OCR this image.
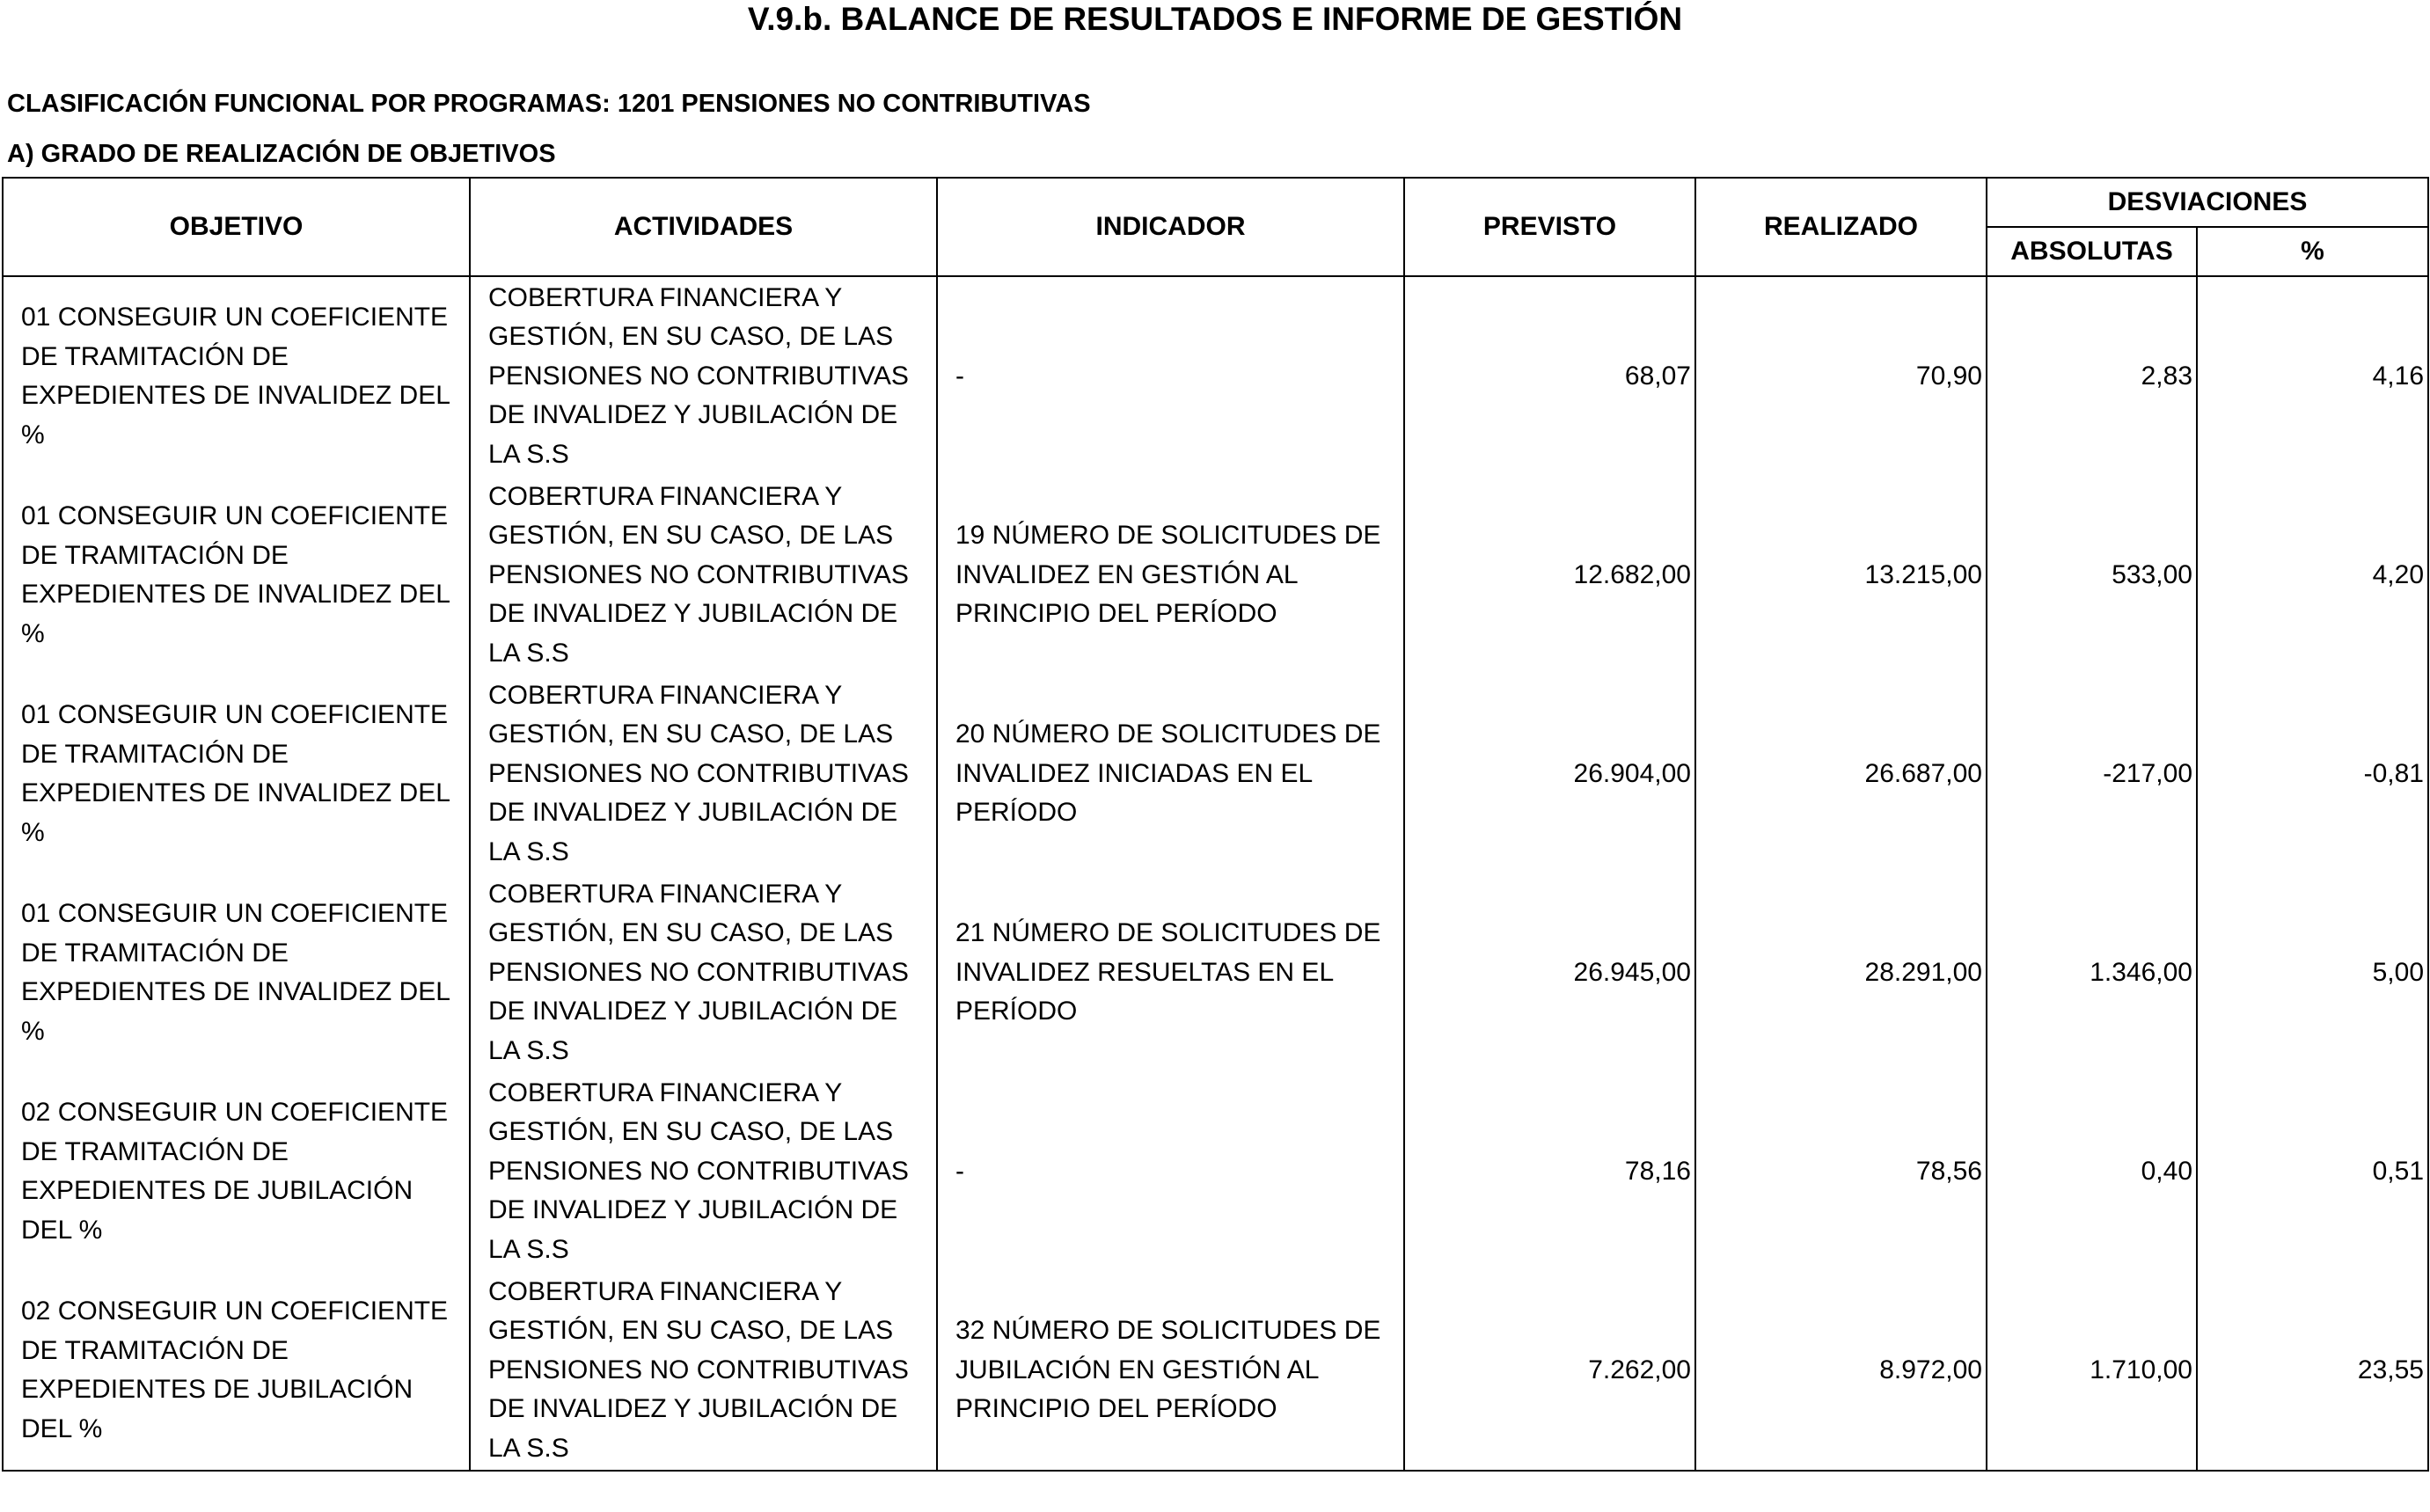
V.9.b. BALANCE DE RESULTADOS E INFORME DE GESTIÓN
CLASIFICACIÓN FUNCIONAL POR PROGRAMAS: 1201 PENSIONES NO CONTRIBUTIVAS
A) GRADO DE REALIZACIÓN DE OBJETIVOS
OBJETIVO	ACTIVIDADES	INDICADOR	PREVISTO	REALIZADO	DESVIACIONES	
					ABSOLUTAS	%
01 CONSEGUIR UN COEFICIENTE DE TRAMITACIÓN DE EXPEDIENTES DE INVALIDEZ DEL %	COBERTURA FINANCIERA Y GESTIÓN, EN SU CASO, DE LAS PENSIONES NO CONTRIBUTIVAS DE INVALIDEZ Y JUBILACIÓN DE LA S.S	-	68,07	70,90	2,83	4,16
01 CONSEGUIR UN COEFICIENTE DE TRAMITACIÓN DE EXPEDIENTES DE INVALIDEZ DEL %	COBERTURA FINANCIERA Y GESTIÓN, EN SU CASO, DE LAS PENSIONES NO CONTRIBUTIVAS DE INVALIDEZ Y JUBILACIÓN DE LA S.S	19 NÚMERO DE SOLICITUDES DE INVALIDEZ EN GESTIÓN AL PRINCIPIO DEL PERÍODO	12.682,00	13.215,00	533,00	4,20
01 CONSEGUIR UN COEFICIENTE DE TRAMITACIÓN DE EXPEDIENTES DE INVALIDEZ DEL %	COBERTURA FINANCIERA Y GESTIÓN, EN SU CASO, DE LAS PENSIONES NO CONTRIBUTIVAS DE INVALIDEZ Y JUBILACIÓN DE LA S.S	20 NÚMERO DE SOLICITUDES DE INVALIDEZ INICIADAS EN EL PERÍODO	26.904,00	26.687,00	-217,00	-0,81
01 CONSEGUIR UN COEFICIENTE DE TRAMITACIÓN DE EXPEDIENTES DE INVALIDEZ DEL %	COBERTURA FINANCIERA Y GESTIÓN, EN SU CASO, DE LAS PENSIONES NO CONTRIBUTIVAS DE INVALIDEZ Y JUBILACIÓN DE LA S.S	21 NÚMERO DE SOLICITUDES DE INVALIDEZ RESUELTAS EN EL PERÍODO	26.945,00	28.291,00	1.346,00	5,00
02 CONSEGUIR UN COEFICIENTE DE TRAMITACIÓN DE EXPEDIENTES DE JUBILACIÓN DEL %	COBERTURA FINANCIERA Y GESTIÓN, EN SU CASO, DE LAS PENSIONES NO CONTRIBUTIVAS DE INVALIDEZ Y JUBILACIÓN DE LA S.S	-	78,16	78,56	0,40	0,51
02 CONSEGUIR UN COEFICIENTE DE TRAMITACIÓN DE EXPEDIENTES DE JUBILACIÓN DEL %	COBERTURA FINANCIERA Y GESTIÓN, EN SU CASO, DE LAS PENSIONES NO CONTRIBUTIVAS DE INVALIDEZ Y JUBILACIÓN DE LA S.S	32 NÚMERO DE SOLICITUDES DE JUBILACIÓN EN GESTIÓN AL PRINCIPIO DEL PERÍODO	7.262,00	8.972,00	1.710,00	23,55
